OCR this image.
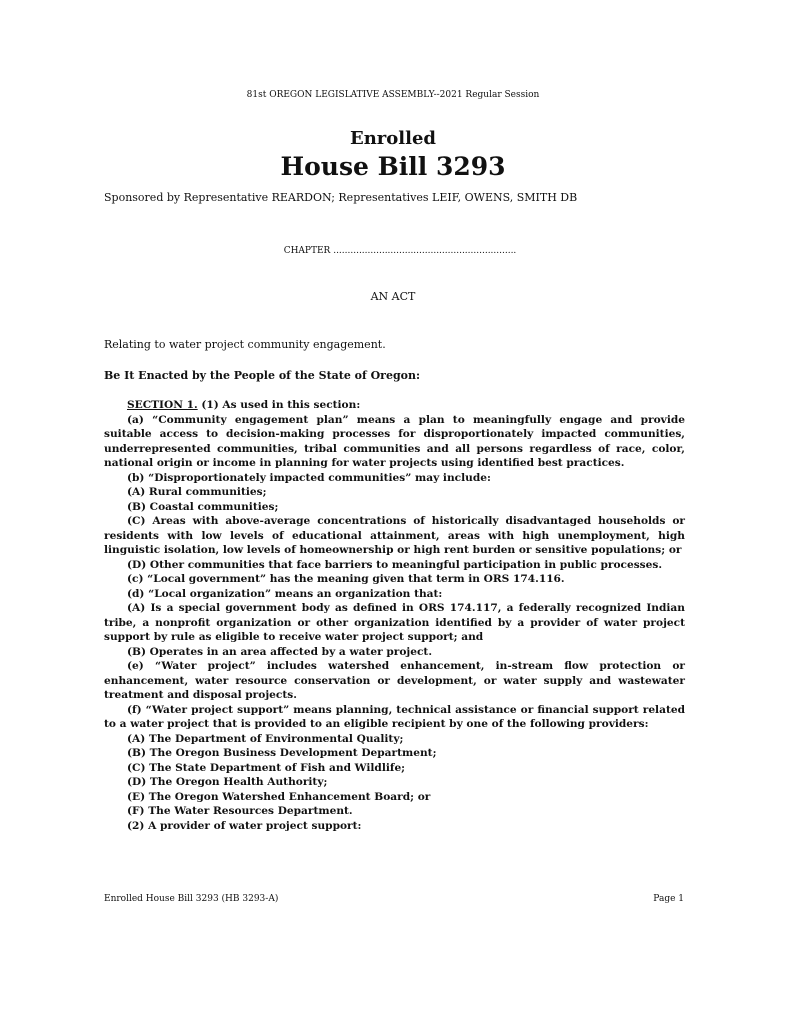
81st OREGON LEGISLATIVE ASSEMBLY--2021 Regular Session
Enrolled
House Bill 3293
Sponsored by Representative REARDON; Representatives LEIF, OWENS, SMITH DB
CHAPTER ................................................................
AN ACT
Relating to water project community engagement.
Be It Enacted by the People of the State of Oregon:

SECTION 1. (1) As used in this section:

(a) “Community engagement plan” means a plan to meaningfully engage and provide suitable access to decision-making processes for disproportionately impacted communities, underrepresented communities, tribal communities and all persons regardless of race, color, national origin or income in planning for water projects using identified best practices.

(b) “Disproportionately impacted communities” may include:

(A) Rural communities;

(B) Coastal communities;

(C) Areas with above-average concentrations of historically disadvantaged households or residents with low levels of educational attainment, areas with high unemployment, high linguistic isolation, low levels of homeownership or high rent burden or sensitive populations; or

(D) Other communities that face barriers to meaningful participation in public processes.

(c) “Local government” has the meaning given that term in ORS 174.116.

(d) “Local organization” means an organization that:

(A) Is a special government body as defined in ORS 174.117, a federally recognized Indian tribe, a nonprofit organization or other organization identified by a provider of water project support by rule as eligible to receive water project support; and

(B) Operates in an area affected by a water project.

(e) “Water project” includes watershed enhancement, in-stream flow protection or enhancement, water resource conservation or development, or water supply and wastewater treatment and disposal projects.

(f) “Water project support” means planning, technical assistance or financial support related to a water project that is provided to an eligible recipient by one of the following providers:

(A) The Department of Environmental Quality;

(B) The Oregon Business Development Department;

(C) The State Department of Fish and Wildlife;

(D) The Oregon Health Authority;

(E) The Oregon Watershed Enhancement Board; or

(F) The Water Resources Department.

(2) A provider of water project support:

Enrolled House Bill 3293 (HB 3293-A)	Page 1
